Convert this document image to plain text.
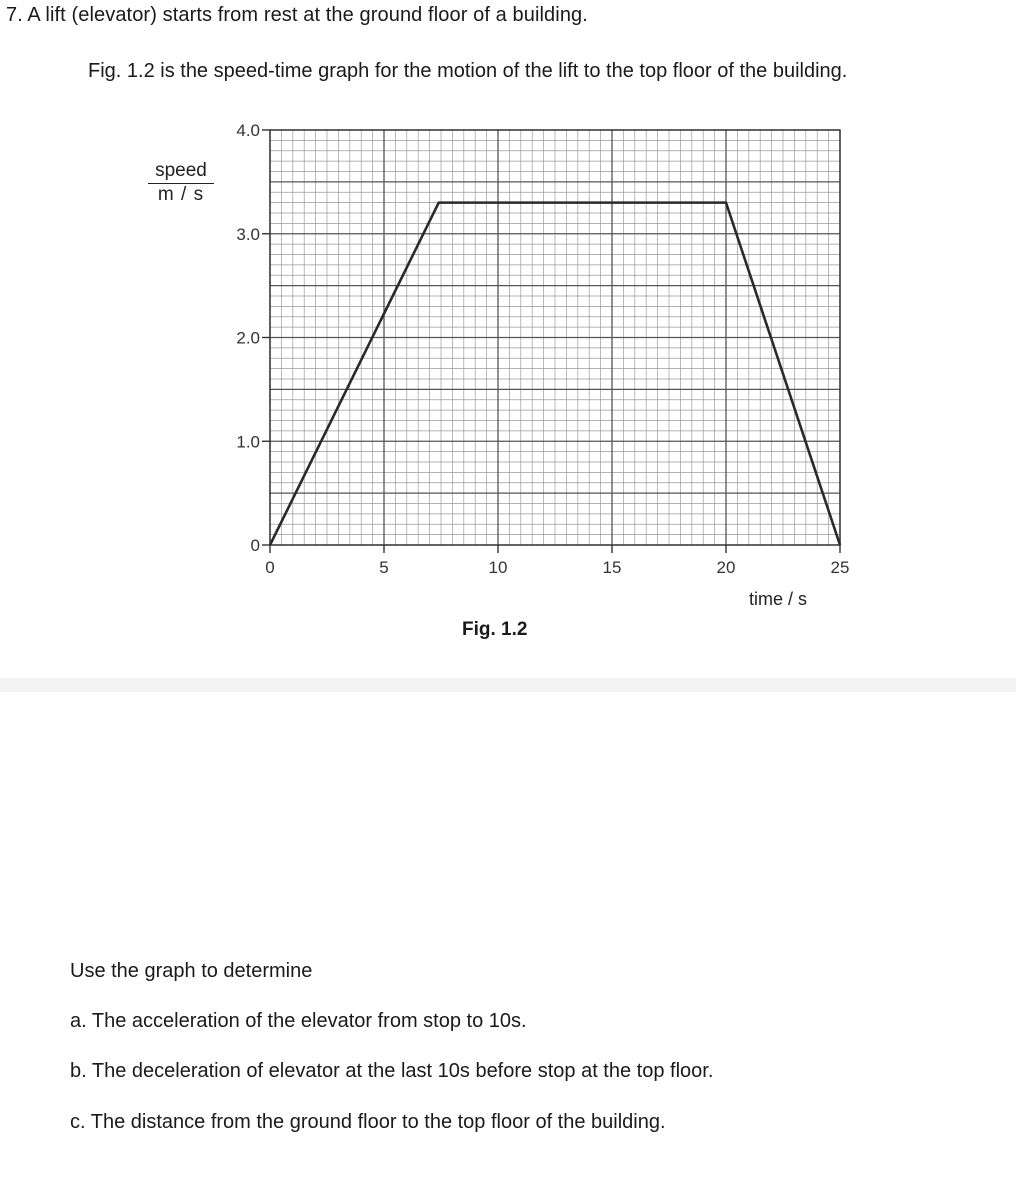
7. A lift (elevator) starts from rest at the ground floor of a building.
Fig. 1.2 is the speed-time graph for the motion of the lift to the top floor of the building.
speed
m / s
0
1.0
2.0
3.0
4.0
0	5	10	15	20	25
time / s
Fig. 1.2
Use the graph to determine
a. The acceleration of the elevator from stop to 10s.
b. The deceleration of elevator at the last 10s before stop at the top floor.
c. The distance from the ground floor to the top floor of the building.
